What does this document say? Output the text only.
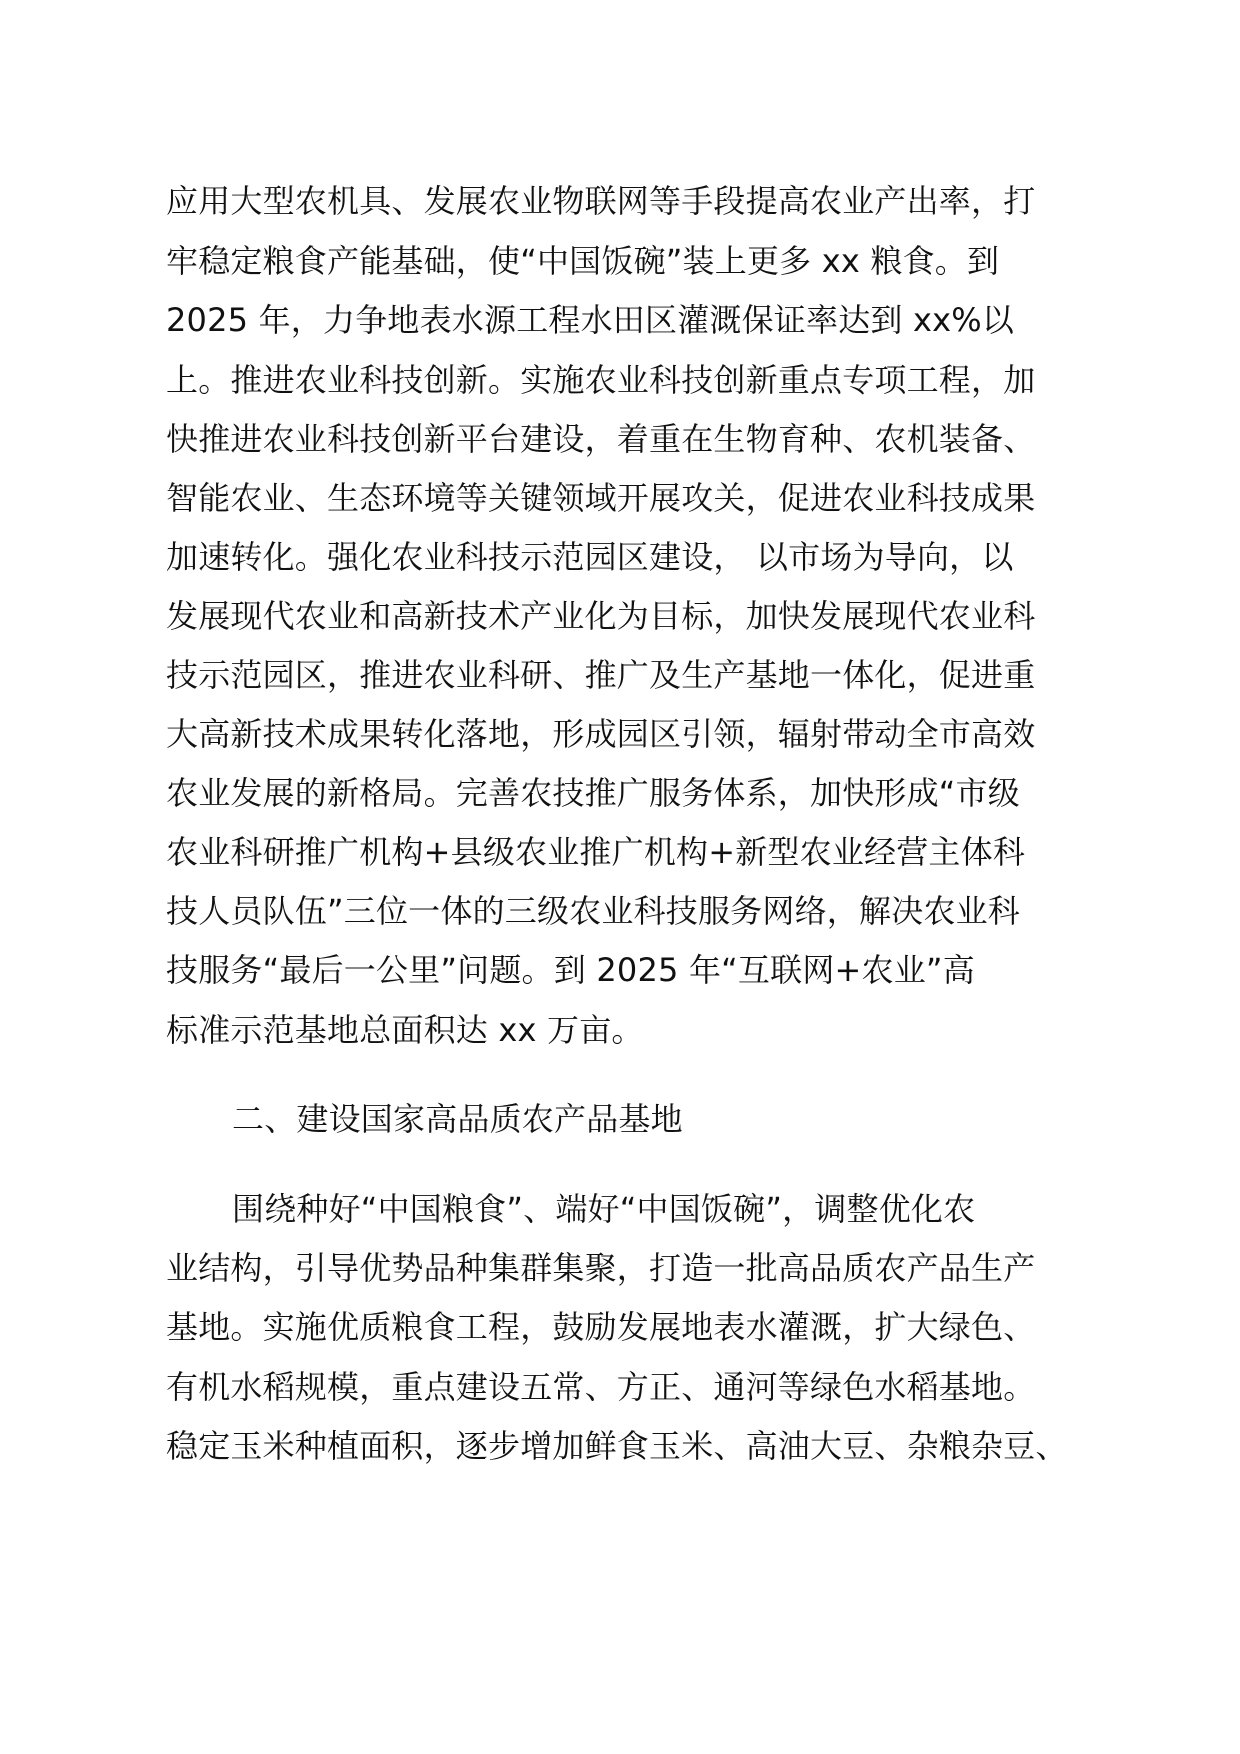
应用大型农机具、发展农业物联网等手段提高农业产出率，打
牢稳定粮食产能基础，使“中国饭碗”装上更多 xx 粮食。到
2025 年，力争地表水源工程水田区灌溉保证率达到 xx%以
上。推进农业科技创新。实施农业科技创新重点专项工程，加
快推进农业科技创新平台建设，着重在生物育种、农机装备、
智能农业、生态环境等关键领域开展攻关，促进农业科技成果
加速转化。强化农业科技示范园区建设， 以市场为导向，以
发展现代农业和高新技术产业化为目标，加快发展现代农业科
技示范园区，推进农业科研、推广及生产基地一体化，促进重
大高新技术成果转化落地，形成园区引领，辐射带动全市高效
农业发展的新格局。完善农技推广服务体系，加快形成“市级
农业科研推广机构+县级农业推广机构+新型农业经营主体科
技人员队伍”三位一体的三级农业科技服务网络，解决农业科
技服务“最后一公里”问题。到 2025 年“互联网+农业”高
标准示范基地总面积达 xx 万亩。
二、建设国家高品质农产品基地
围绕种好“中国粮食”、端好“中国饭碗”，调整优化农
业结构，引导优势品种集群集聚，打造一批高品质农产品生产
基地。实施优质粮食工程，鼓励发展地表水灌溉，扩大绿色、
有机水稻规模，重点建设五常、方正、通河等绿色水稻基地。
稳定玉米种植面积，逐步增加鲜食玉米、高油大豆、杂粮杂豆、
